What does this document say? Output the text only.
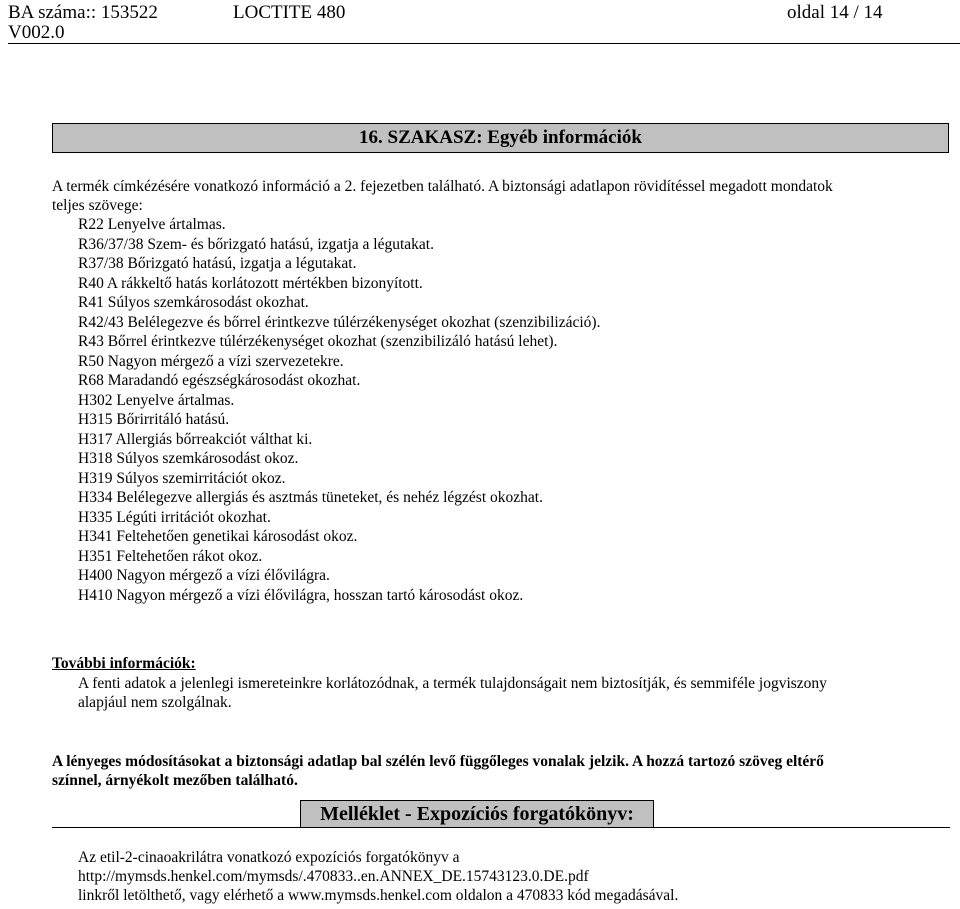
BA száma:: 153522	LOCTITE 480	oldal 14 / 14
V002.0
16. SZAKASZ: Egyéb információk
A termék címkézésére vonatkozó információ a 2. fejezetben található. A biztonsági adatlapon rövidítéssel megadott mondatok
teljes szövege:
R22 Lenyelve ártalmas.
R36/37/38 Szem- és bőrizgató hatású, izgatja a légutakat.
R37/38 Bőrizgató hatású, izgatja a légutakat.
R40 A rákkeltő hatás korlátozott mértékben bizonyított.
R41 Súlyos szemkárosodást okozhat.
R42/43 Belélegezve és bőrrel érintkezve túlérzékenységet okozhat (szenzibilizáció).
R43 Bőrrel érintkezve túlérzékenységet okozhat (szenzibilizáló hatású lehet).
R50 Nagyon mérgező a vízi szervezetekre.
R68 Maradandó egészségkárosodást okozhat.
H302 Lenyelve ártalmas.
H315 Bőrirritáló hatású.
H317 Allergiás bőrreakciót válthat ki.
H318 Súlyos szemkárosodást okoz.
H319 Súlyos szemirritációt okoz.
H334 Belélegezve allergiás és asztmás tüneteket, és nehéz légzést okozhat.
H335 Légúti irritációt okozhat.
H341 Feltehetően genetikai károsodást okoz.
H351 Feltehetően rákot okoz.
H400 Nagyon mérgező a vízi élővilágra.
H410 Nagyon mérgező a vízi élővilágra, hosszan tartó károsodást okoz.
További információk:
A fenti adatok a jelenlegi ismereteinkre korlátozódnak, a termék tulajdonságait nem biztosítják, és semmiféle jogviszony
alapjául nem szolgálnak.
A lényeges módosításokat a biztonsági adatlap bal szélén levő függőleges vonalak jelzik. A hozzá tartozó szöveg eltérő
színnel, árnyékolt mezőben található.
Melléklet - Expozíciós forgatókönyv:
Az etil-2-cinaoakrilátra vonatkozó expozíciós forgatókönyv a
http://mymsds.henkel.com/mymsds/.470833..en.ANNEX_DE.15743123.0.DE.pdf
linkről letölthető, vagy elérhető a www.mymsds.henkel.com oldalon a 470833 kód megadásával.
